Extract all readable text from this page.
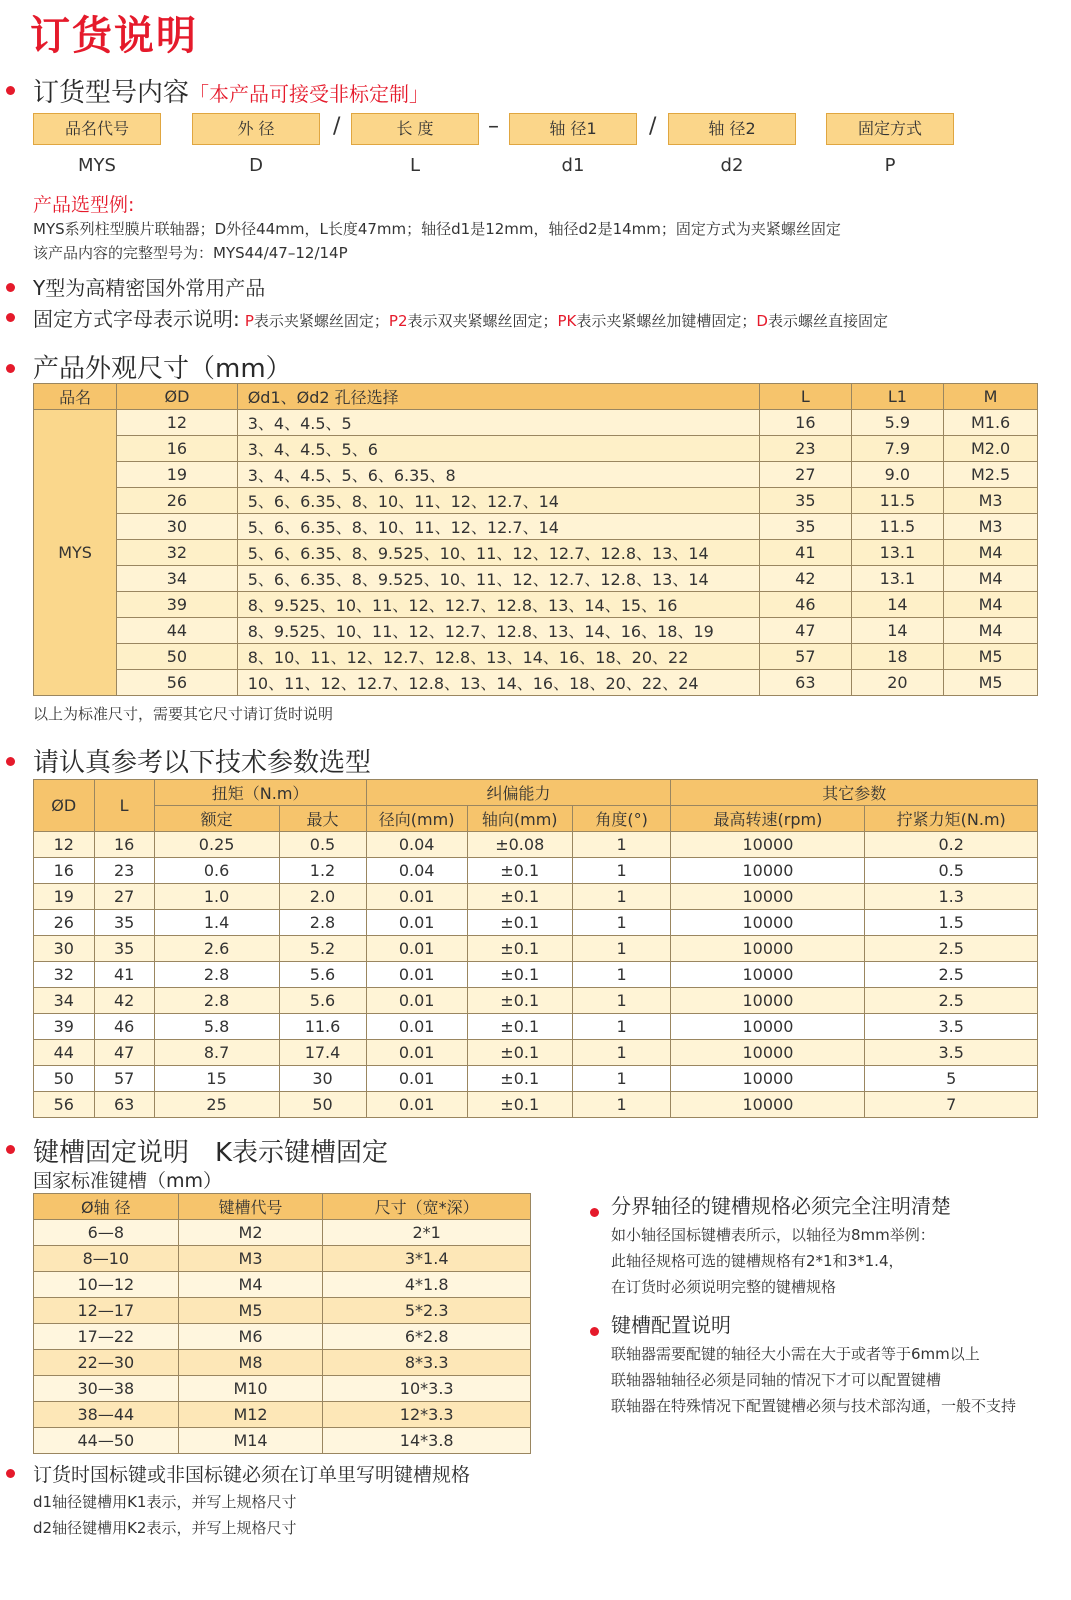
订货说明
订货型号内容「本产品可接受非标定制」
品名代号
MYS
外 径
D
长 度
L
轴 径1
d1
轴 径2
d2
固定方式
P
/	–	/
产品选型例:
MYS系列柱型膜片联轴器；D外径44mm，L长度47mm；轴径d1是12mm，轴径d2是14mm；固定方式为夹紧螺丝固定
该产品内容的完整型号为：MYS44/47–12/14P
Y型为高精密国外常用产品
固定方式字母表示说明: P表示夹紧螺丝固定；P2表示双夹紧螺丝固定；PK表示夹紧螺丝加键槽固定；D表示螺丝直接固定
产品外观尺寸（mm）
品名	ØD	Ød1、Ød2 孔径选择	L	L1	M
MYS	12	3、4、4.5、5	16	5.9	M1.6
	16	3、4、4.5、5、6	23	7.9	M2.0
	19	3、4、4.5、5、6、6.35、8	27	9.0	M2.5
	26	5、6、6.35、8、10、11、12、12.7、14	35	11.5	M3
	30	5、6、6.35、8、10、11、12、12.7、14	35	11.5	M3
	32	5、6、6.35、8、9.525、10、11、12、12.7、12.8、13、14	41	13.1	M4
	34	5、6、6.35、8、9.525、10、11、12、12.7、12.8、13、14	42	13.1	M4
	39	8、9.525、10、11、12、12.7、12.8、13、14、15、16	46	14	M4
	44	8、9.525、10、11、12、12.7、12.8、13、14、16、18、19	47	14	M4
	50	8、10、11、12、12.7、12.8、13、14、16、18、20、22	57	18	M5
	56	10、11、12、12.7、12.8、13、14、16、18、20、22、24	63	20	M5
以上为标准尺寸，需要其它尺寸请订货时说明
请认真参考以下技术参数选型
ØD	L	扭矩（N.m）		纠偏能力			其它参数	
		额定	最大	径向(mm)	轴向(mm)	角度(°)	最高转速(rpm)	拧紧力矩(N.m)
12	16	0.25	0.5	0.04	±0.08	1	10000	0.2
16	23	0.6	1.2	0.04	±0.1	1	10000	0.5
19	27	1.0	2.0	0.01	±0.1	1	10000	1.3
26	35	1.4	2.8	0.01	±0.1	1	10000	1.5
30	35	2.6	5.2	0.01	±0.1	1	10000	2.5
32	41	2.8	5.6	0.01	±0.1	1	10000	2.5
34	42	2.8	5.6	0.01	±0.1	1	10000	2.5
39	46	5.8	11.6	0.01	±0.1	1	10000	3.5
44	47	8.7	17.4	0.01	±0.1	1	10000	3.5
50	57	15	30	0.01	±0.1	1	10000	5
56	63	25	50	0.01	±0.1	1	10000	7
键槽固定说明　K表示键槽固定
国家标准键槽（mm）
Ø轴 径	键槽代号	尺寸（宽*深）
6—8	M2	2*1
8—10	M3	3*1.4
10—12	M4	4*1.8
12—17	M5	5*2.3
17—22	M6	6*2.8
22—30	M8	8*3.3
30—38	M10	10*3.3
38—44	M12	12*3.3
44—50	M14	14*3.8
分界轴径的键槽规格必须完全注明清楚
如小轴径国标键槽表所示，以轴径为8mm举例：
此轴径规格可选的键槽规格有2*1和3*1.4，
在订货时必须说明完整的键槽规格
键槽配置说明
联轴器需要配键的轴径大小需在大于或者等于6mm以上
联轴器轴轴径必须是同轴的情况下才可以配置键槽
联轴器在特殊情况下配置键槽必须与技术部沟通，一般不支持
订货时国标键或非国标键必须在订单里写明键槽规格
d1轴径键槽用K1表示，并写上规格尺寸
d2轴径键槽用K2表示，并写上规格尺寸
